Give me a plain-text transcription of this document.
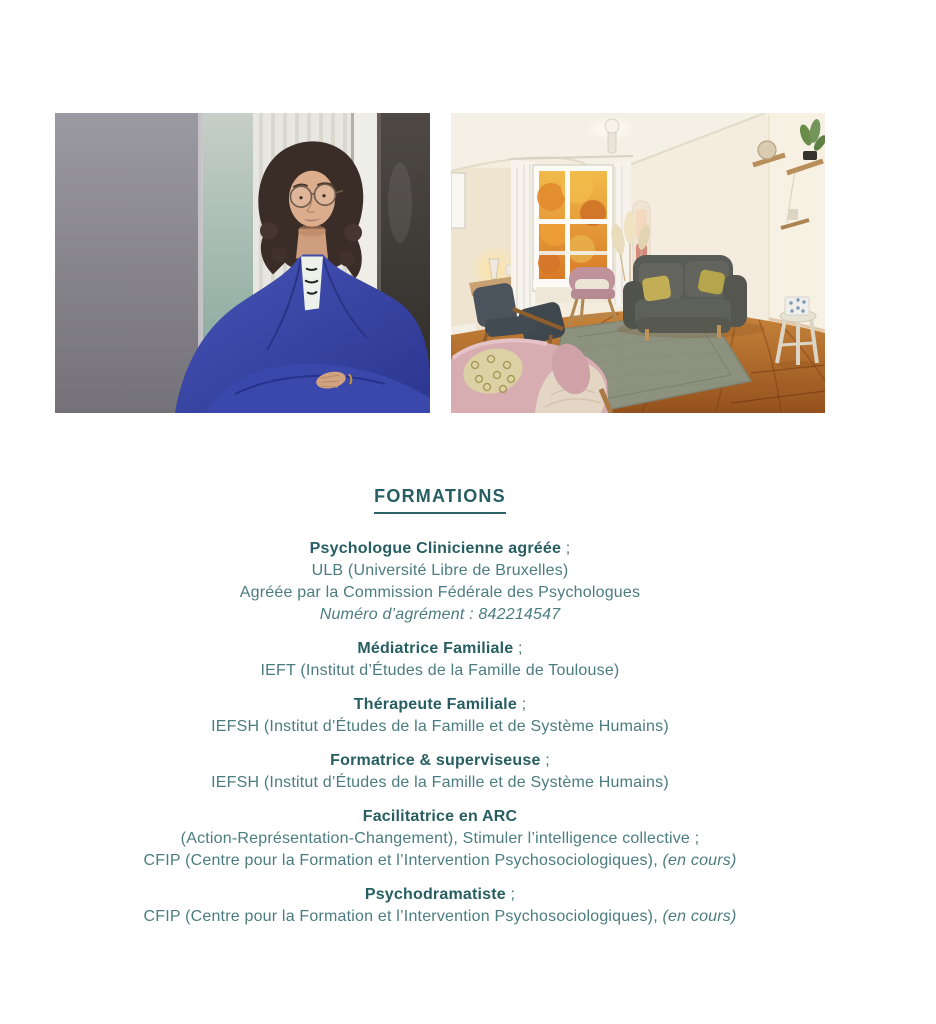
FORMATIONS
Psychologue Clinicienne agréée ;
ULB (Université Libre de Bruxelles)
Agréée par la Commission Fédérale des Psychologues
Numéro d’agrément : 842214547
Médiatrice Familiale ;
IEFT (Institut d’Études de la Famille de Toulouse)
Thérapeute Familiale ;
IEFSH (Institut d’Études de la Famille et de Système Humains)
Formatrice & superviseuse ;
IEFSH (Institut d’Études de la Famille et de Système Humains)
Facilitatrice en ARC
(Action-Représentation-Changement), Stimuler l’intelligence collective ;
CFIP (Centre pour la Formation et l’Intervention Psychosociologiques), (en cours)
Psychodramatiste ;
CFIP (Centre pour la Formation et l’Intervention Psychosociologiques), (en cours)
